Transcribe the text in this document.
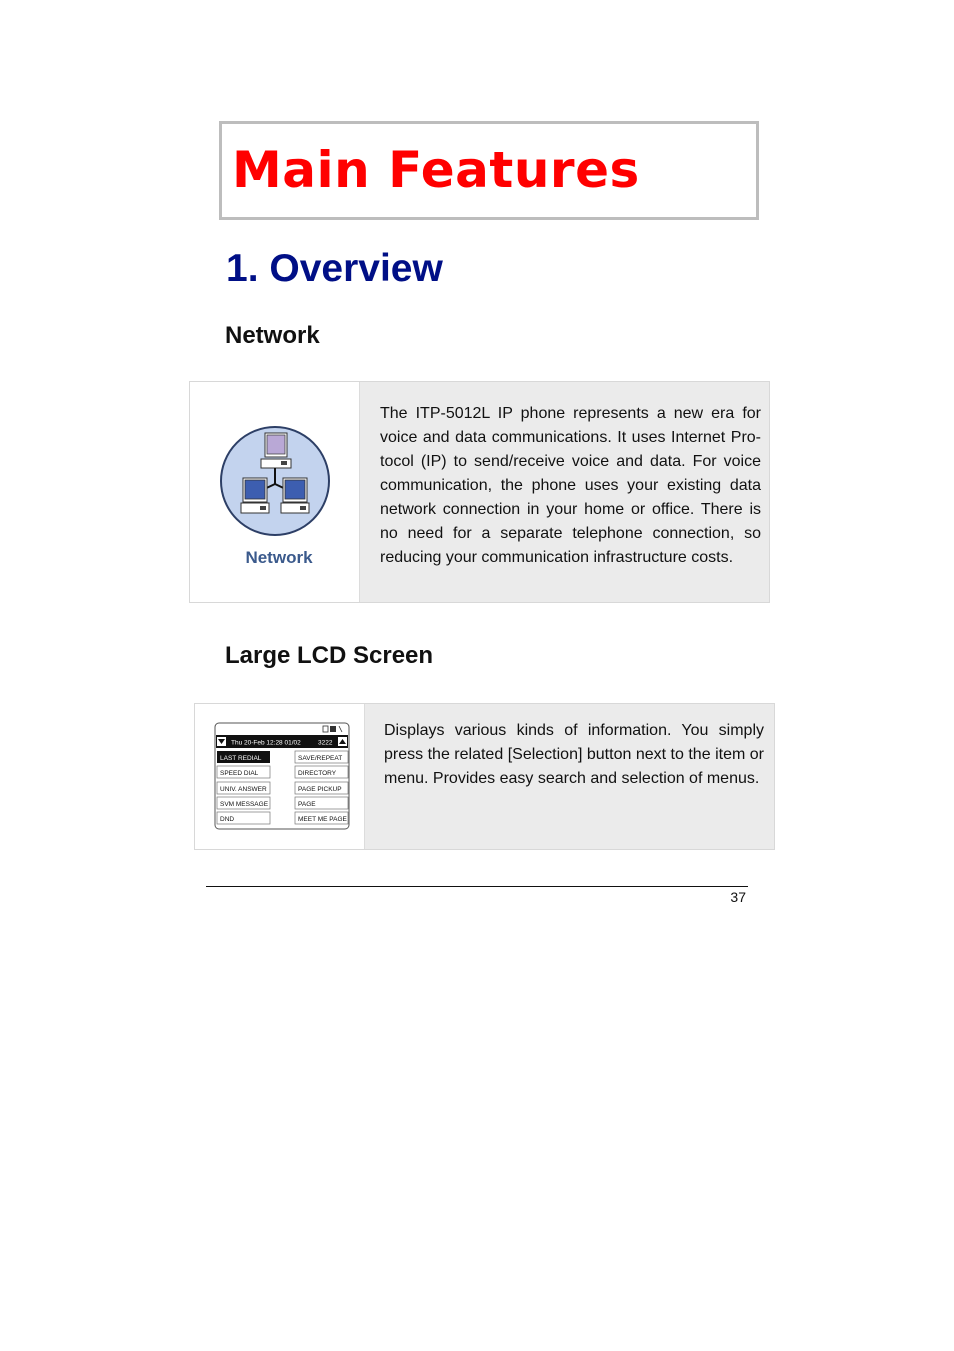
Main Features
1. Overview
Network
Network
The ITP-5012L IP phone represents a new era for voice and data communications. It uses Internet Pro-tocol (IP) to send/receive voice and data. For voice communication, the phone uses your existing data network connection in your home or office. There is no need for a separate telephone connection, so reducing your communication infrastructure costs.
Large LCD Screen
Thu 20-Feb 12:28 01/02	3222
LAST REDIAL
SPEED DIAL
UNIV. ANSWER
SVM MESSAGE
DND
SAVE/REPEAT
DIRECTORY
PAGE PICKUP
PAGE
MEET ME PAGE
Displays various kinds of information. You simply press the related [Selection] button next to the item or menu. Provides easy search and selection of menus.
37
